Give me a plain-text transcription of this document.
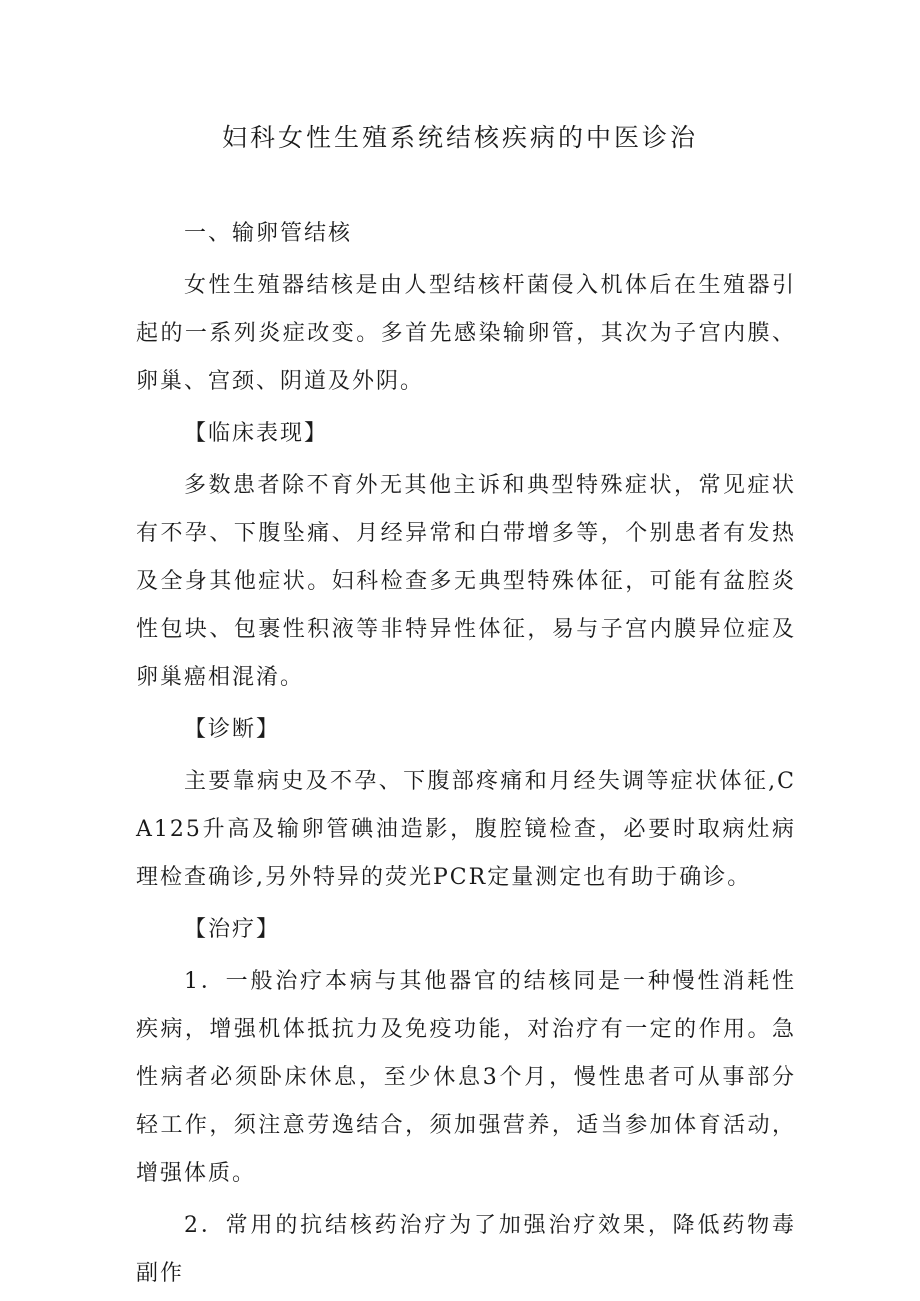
妇科女性生殖系统结核疾病的中医诊治

一、输卵管结核

女性生殖器结核是由人型结核杆菌侵入机体后在生殖器引起的一系列炎症改变。多首先感染输卵管，其次为子宫内膜、卵巢、宫颈、阴道及外阴。

【临床表现】

多数患者除不育外无其他主诉和典型特殊症状，常见症状有不孕、下腹坠痛、月经异常和白带增多等，个别患者有发热及全身其他症状。妇科检查多无典型特殊体征，可能有盆腔炎性包块、包裹性积液等非特异性体征，易与子宫内膜异位症及卵巢癌相混淆。

【诊断】

主要靠病史及不孕、下腹部疼痛和月经失调等症状体征,CA125升高及输卵管碘油造影，腹腔镜检查，必要时取病灶病理检查确诊,另外特异的荧光PCR定量测定也有助于确诊。

【治疗】

1．一般治疗本病与其他器官的结核同是一种慢性消耗性疾病，增强机体抵抗力及免疫功能，对治疗有一定的作用。急性病者必须卧床休息，至少休息3个月，慢性患者可从事部分轻工作，须注意劳逸结合，须加强营养，适当参加体育活动，增强体质。

2．常用的抗结核药治疗为了加强治疗效果，降低药物毒副作
